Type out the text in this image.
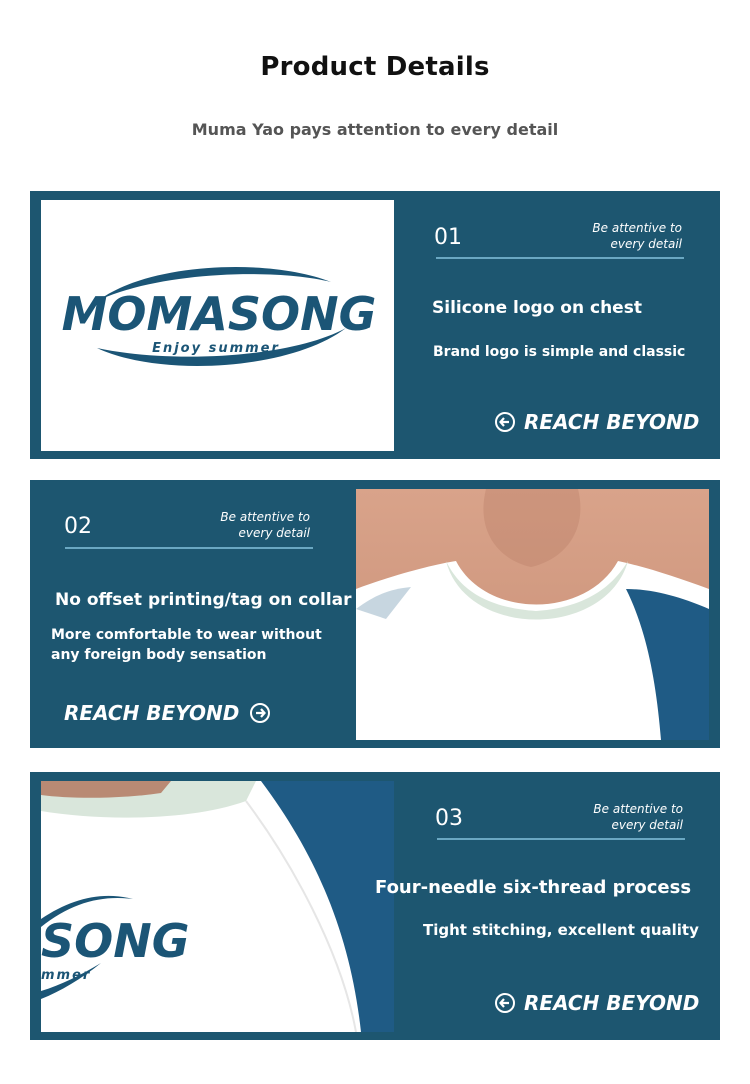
Product Details
Muma Yao pays attention to every detail
MOMASONG
Enjoy summer
01	Be attentive to
every detail
Silicone logo on chest
Brand logo is simple and classic
REACH BEYOND
02	Be attentive to
every detail
No offset printing/tag on collar
More comfortable to wear without any foreign body sensation
REACH BEYOND
SONG
mmer
03	Be attentive to
every detail
Four-needle six-thread process
Tight stitching, excellent quality
REACH BEYOND
